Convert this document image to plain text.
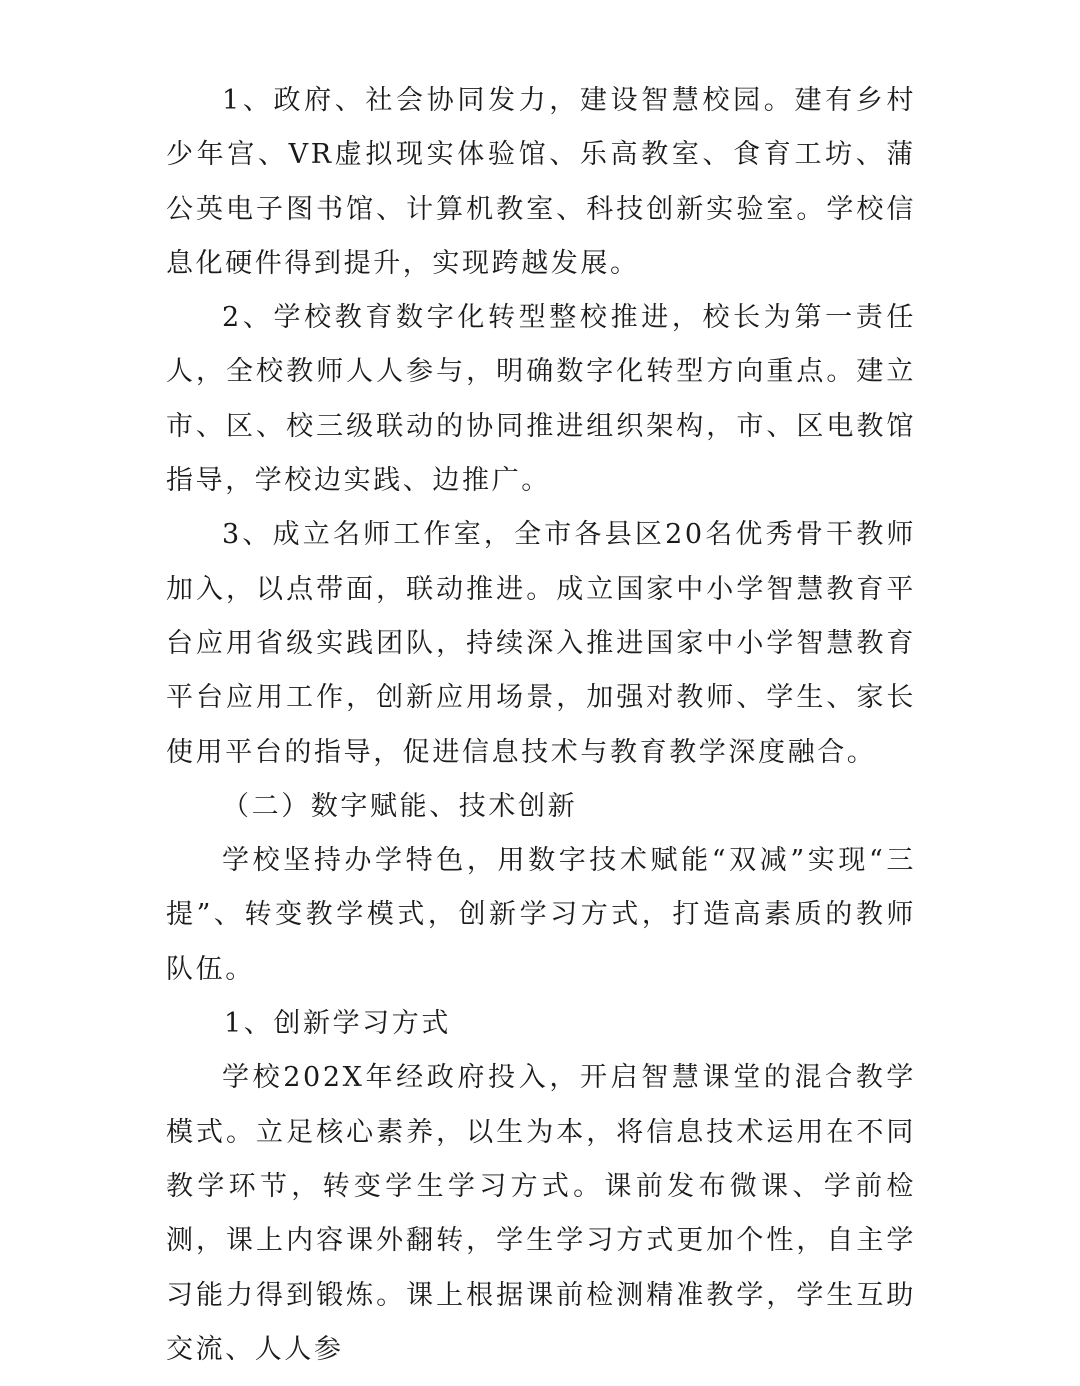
1、政府、社会协同发力，建设智慧校园。建有乡村少年宫、VR虚拟现实体验馆、乐高教室、食育工坊、蒲公英电子图书馆、计算机教室、科技创新实验室。学校信息化硬件得到提升，实现跨越发展。

2、学校教育数字化转型整校推进，校长为第一责任人，全校教师人人参与，明确数字化转型方向重点。建立市、区、校三级联动的协同推进组织架构，市、区电教馆指导，学校边实践、边推广。

3、成立名师工作室，全市各县区20名优秀骨干教师加入，以点带面，联动推进。成立国家中小学智慧教育平台应用省级实践团队，持续深入推进国家中小学智慧教育平台应用工作，创新应用场景，加强对教师、学生、家长使用平台的指导，促进信息技术与教育教学深度融合。

（二）数字赋能、技术创新

学校坚持办学特色，用数字技术赋能“双减”实现“三提”、转变教学模式，创新学习方式，打造高素质的教师队伍。

1、创新学习方式

学校202X年经政府投入，开启智慧课堂的混合教学模式。立足核心素养，以生为本，将信息技术运用在不同教学环节，转变学生学习方式。课前发布微课、学前检测，课上内容课外翻转，学生学习方式更加个性，自主学习能力得到锻炼。课上根据课前检测精准教学，学生互助交流、人人参
